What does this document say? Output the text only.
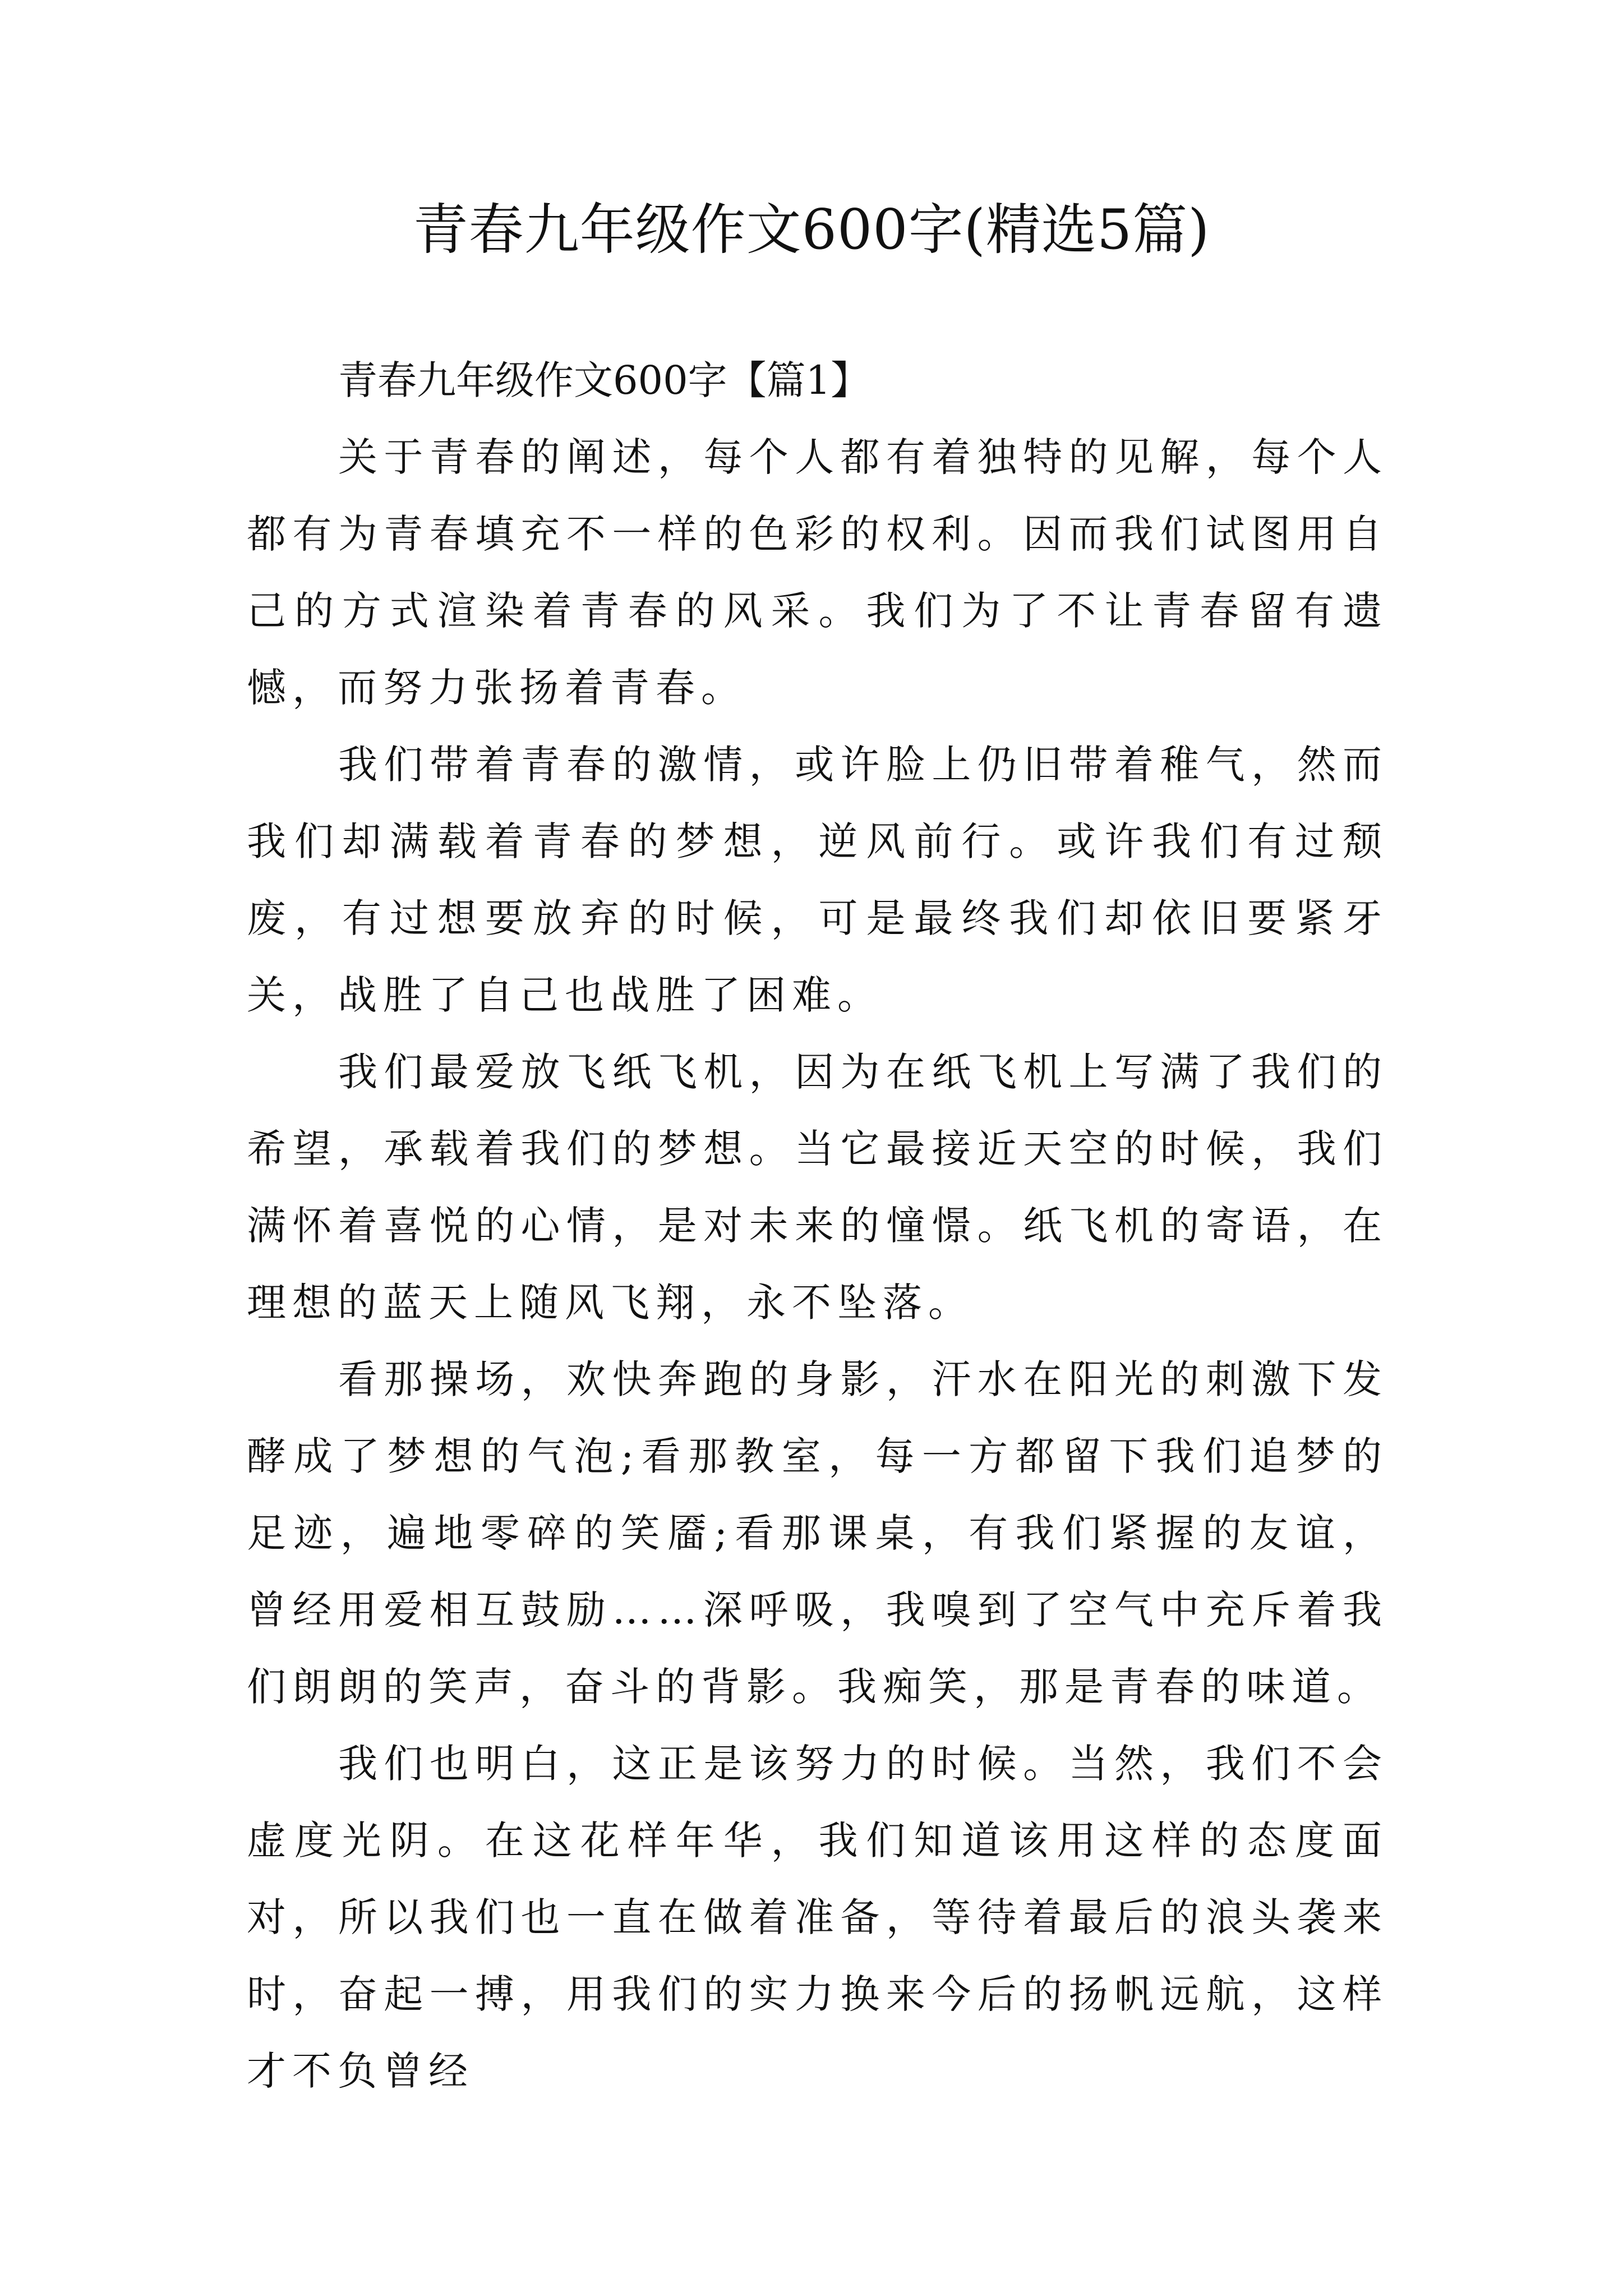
青春九年级作文600字(精选5篇)

青春九年级作文600字【篇1】

关于青春的阐述，每个人都有着独特的见解，每个人都有为青春填充不一样的色彩的权利。因而我们试图用自己的方式渲染着青春的风采。我们为了不让青春留有遗憾，而努力张扬着青春。

我们带着青春的激情，或许脸上仍旧带着稚气，然而我们却满载着青春的梦想，逆风前行。或许我们有过颓废，有过想要放弃的时候，可是最终我们却依旧要紧牙关，战胜了自己也战胜了困难。

我们最爱放飞纸飞机，因为在纸飞机上写满了我们的希望，承载着我们的梦想。当它最接近天空的时候，我们满怀着喜悦的心情，是对未来的憧憬。纸飞机的寄语，在理想的蓝天上随风飞翔，永不坠落。

看那操场，欢快奔跑的身影，汗水在阳光的刺激下发酵成了梦想的气泡;看那教室，每一方都留下我们追梦的足迹，遍地零碎的笑靥;看那课桌，有我们紧握的友谊，曾经用爱相互鼓励……深呼吸，我嗅到了空气中充斥着我们朗朗的笑声，奋斗的背影。我痴笑，那是青春的味道。

我们也明白，这正是该努力的时候。当然，我们不会虚度光阴。在这花样年华，我们知道该用这样的态度面对，所以我们也一直在做着准备，等待着最后的浪头袭来时，奋起一搏，用我们的实力换来今后的扬帆远航，这样才不负曾经
